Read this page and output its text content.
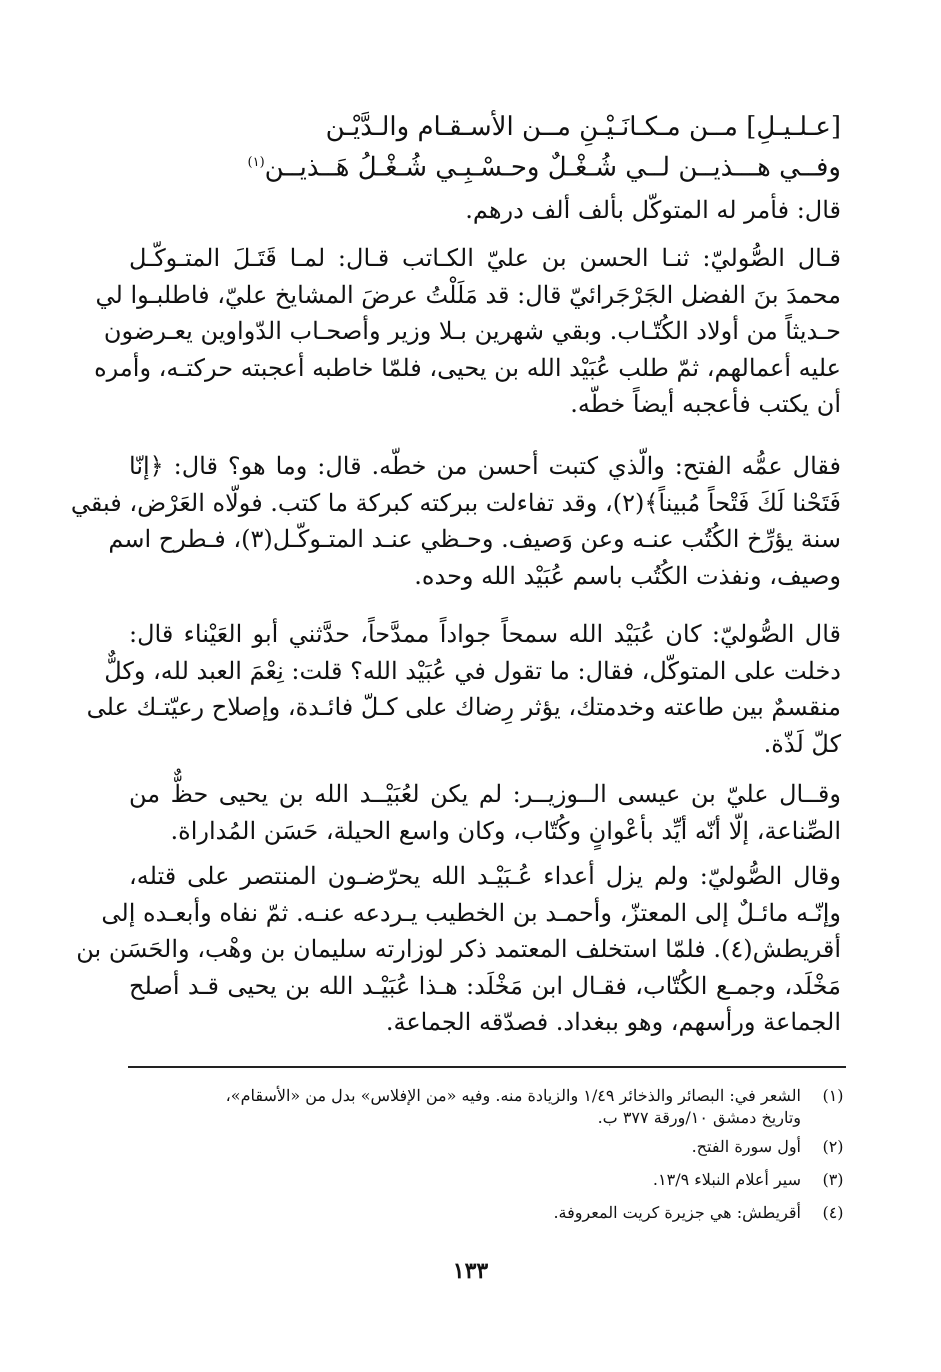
[عـلـيـلِ] مــن مـكـانَـيْـنِ مــن الأسـقـام والـدَّيْـن
وفــي هـــذيــن لــي شُـغْـلٌ وحـسْـبِـي شُـغْـلُ هَــذيــن$^{(١)}$
قال: فأمر له المتوكّل بألف ألف درهم.
قـال الصُّوليّ: ثنـا الحسن بن عليّ الكـاتب قـال: لمـا قَتَـلَ المتـوكّـل
محمدَ بنَ الفضل الجَرْجَرائيّ قال: قد مَلَلْتُ عرضَ المشايخ عليّ، فاطلبـوا لي
حـديثاً من أولاد الكُتّـاب. وبقي شهرين بـلا وزير وأصحـاب الدّواوين يعـرضون
عليه أعمالهم، ثمّ طلب عُبَيْد الله بن يحيى، فلمّا خاطبه أعجبته حركتـه، وأمره
أن يكتب فأعجبه أيضاً خطّه.
فقال عمُّه الفتح: والّذي كتبت أحسن من خطّه. قال: وما هو؟ قال: ﴿إنّا
فَتَحْنا لَكَ فَتْحاً مُبيناً﴾(٢)، وقد تفاءلت ببركته كبركة ما كتب. فولّاه العَرْض، فبقي
سنة يؤرِّخ الكُتُب عنـه وعن وَصيف. وحـظي عنـد المتـوكّـل(٣)، فـطرح اسم
وصيف، ونفذت الكُتُب باسم عُبَيْد الله وحده.
قال الصُّوليّ: كان عُبَيْد الله سمحاً جواداً ممدَّحاً، حدَّثني أبو العَيْناء قال:
دخلت على المتوكّل، فقال: ما تقول في عُبَيْد الله؟ قلت: نِعْمَ العبد لله، وكلٌّ
منقسمٌ بين طاعته وخدمتك، يؤثر رِضاك على كـلّ فائـدة، وإصلاح رعيّتـك على
كلّ لَذّة.
وقــال عليّ بن عيسى الــوزيــر: لم يكن لعُبَيْــد الله بن يحيى حظٌّ من
الصِّناعة، إلّا أنّه أيِّد بأعْوانٍ وكُتّاب، وكان واسع الحيلة، حَسَن المُداراة.
وقال الصُّوليّ: ولم يزل أعداء عُـبَيْـد الله يحرّضـون المنتصر على قتله،
وإنّـه مائـلٌ إلى المعتزّ، وأحمـد بن الخطيب يـردعه عنـه. ثمّ نفاه وأبعـده إلى
أقريطش(٤). فلمّا استخلف المعتمد ذكر لوزارته سليمان بن وهْب، والحَسَن بن
مَخْلَد، وجمـع الكُتّاب، فقـال ابن مَخْلَد: هـذا عُبَيْـد الله بن يحيى قـد أصلح
الجماعة ورأسهم، وهو ببغداد. فصدّقه الجماعة.
(١)
الشعر في: البصائر والذخائر ١/٤٩ والزيادة منه. وفيه «من الإفلاس» بدل من «الأسقام»،
وتاريخ دمشق ١٠/ورقة ٣٧٧ ب.
(٢)
أول سورة الفتح.
(٣)
سير أعلام النبلاء ١٣/٩.
(٤)
أقريطش: هي جزيرة كريت المعروفة.
١٣٣
